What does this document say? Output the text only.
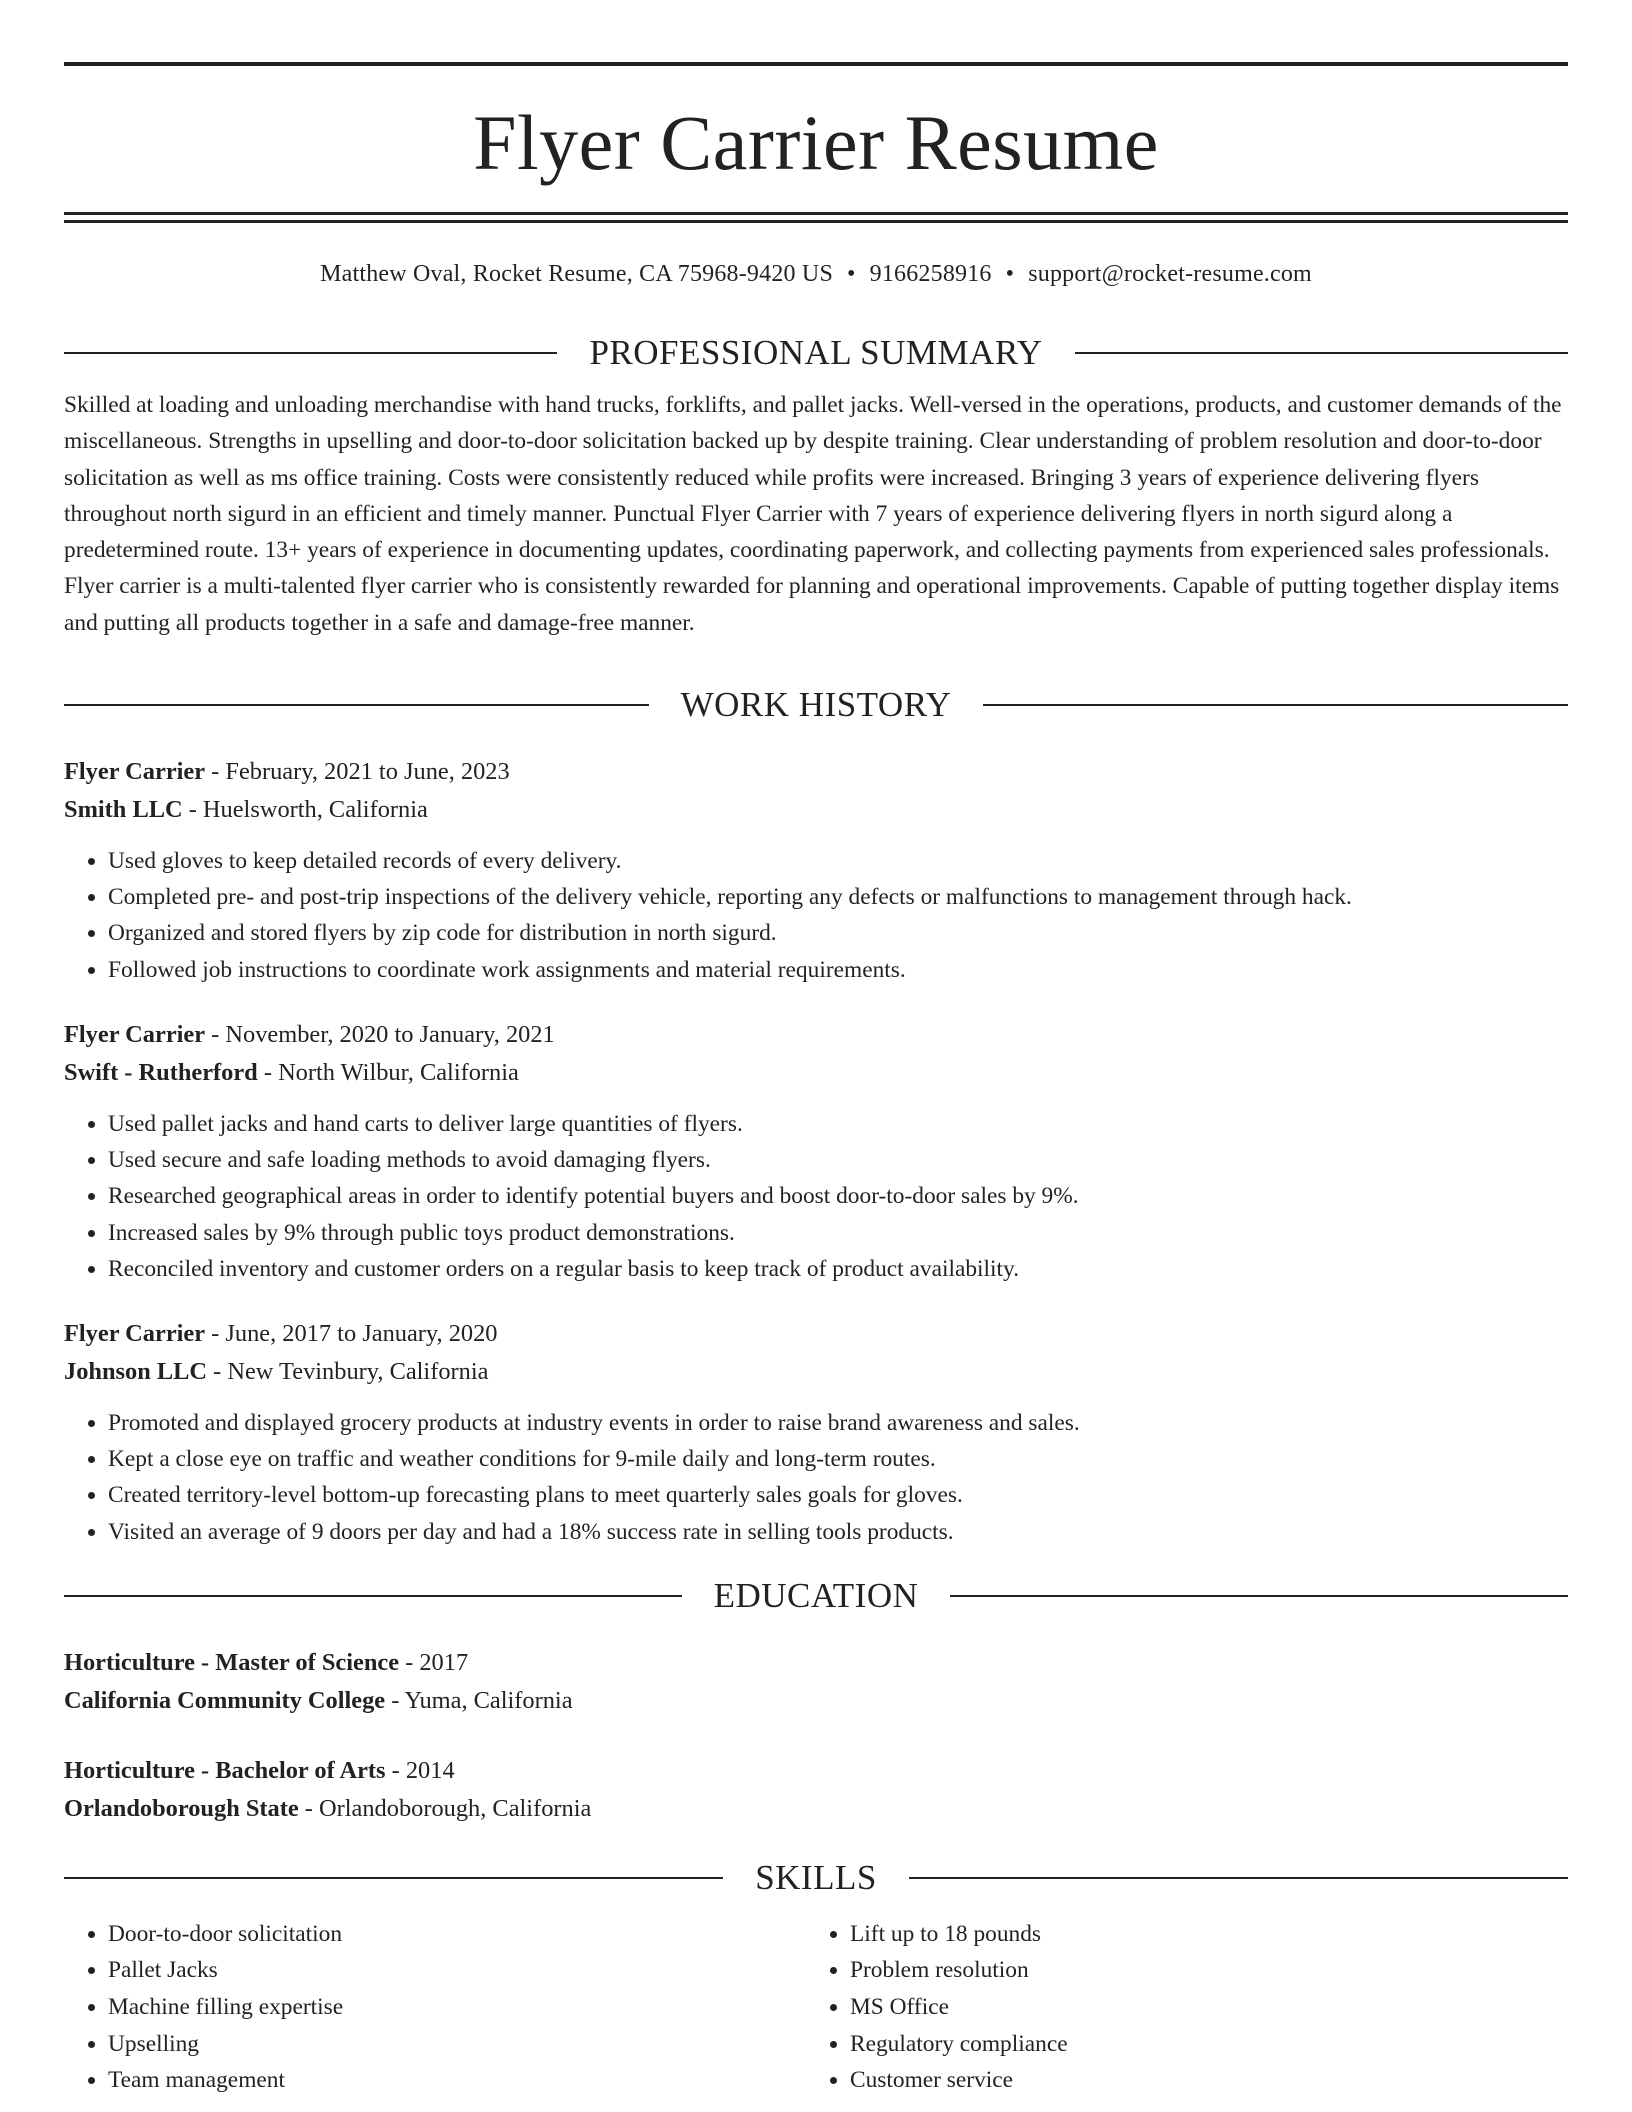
Flyer Carrier Resume
Matthew Oval, Rocket Resume, CA 75968-9420 US • 9166258916 • support@rocket-resume.com
PROFESSIONAL SUMMARY
Skilled at loading and unloading merchandise with hand trucks, forklifts, and pallet jacks. Well-versed in the operations, products, and customer demands of the miscellaneous. Strengths in upselling and door-to-door solicitation backed up by despite training. Clear understanding of problem resolution and door-to-door solicitation as well as ms office training. Costs were consistently reduced while profits were increased. Bringing 3 years of experience delivering flyers throughout north sigurd in an efficient and timely manner. Punctual Flyer Carrier with 7 years of experience delivering flyers in north sigurd along a predetermined route. 13+ years of experience in documenting updates, coordinating paperwork, and collecting payments from experienced sales professionals. Flyer carrier is a multi-talented flyer carrier who is consistently rewarded for planning and operational improvements. Capable of putting together display items and putting all products together in a safe and damage-free manner.
WORK HISTORY
Flyer Carrier - February, 2021 to June, 2023
Smith LLC - Huelsworth, California
• Used gloves to keep detailed records of every delivery.
• Completed pre- and post-trip inspections of the delivery vehicle, reporting any defects or malfunctions to management through hack.
• Organized and stored flyers by zip code for distribution in north sigurd.
• Followed job instructions to coordinate work assignments and material requirements.
Flyer Carrier - November, 2020 to January, 2021
Swift - Rutherford - North Wilbur, California
• Used pallet jacks and hand carts to deliver large quantities of flyers.
• Used secure and safe loading methods to avoid damaging flyers.
• Researched geographical areas in order to identify potential buyers and boost door-to-door sales by 9%.
• Increased sales by 9% through public toys product demonstrations.
• Reconciled inventory and customer orders on a regular basis to keep track of product availability.
Flyer Carrier - June, 2017 to January, 2020
Johnson LLC - New Tevinbury, California
• Promoted and displayed grocery products at industry events in order to raise brand awareness and sales.
• Kept a close eye on traffic and weather conditions for 9-mile daily and long-term routes.
• Created territory-level bottom-up forecasting plans to meet quarterly sales goals for gloves.
• Visited an average of 9 doors per day and had a 18% success rate in selling tools products.
EDUCATION
Horticulture - Master of Science - 2017
California Community College - Yuma, California
Horticulture - Bachelor of Arts - 2014
Orlandoborough State - Orlandoborough, California
SKILLS
• Door-to-door solicitation
• Pallet Jacks
• Machine filling expertise
• Upselling
• Team management
• Lift up to 18 pounds
• Problem resolution
• MS Office
• Regulatory compliance
• Customer service
